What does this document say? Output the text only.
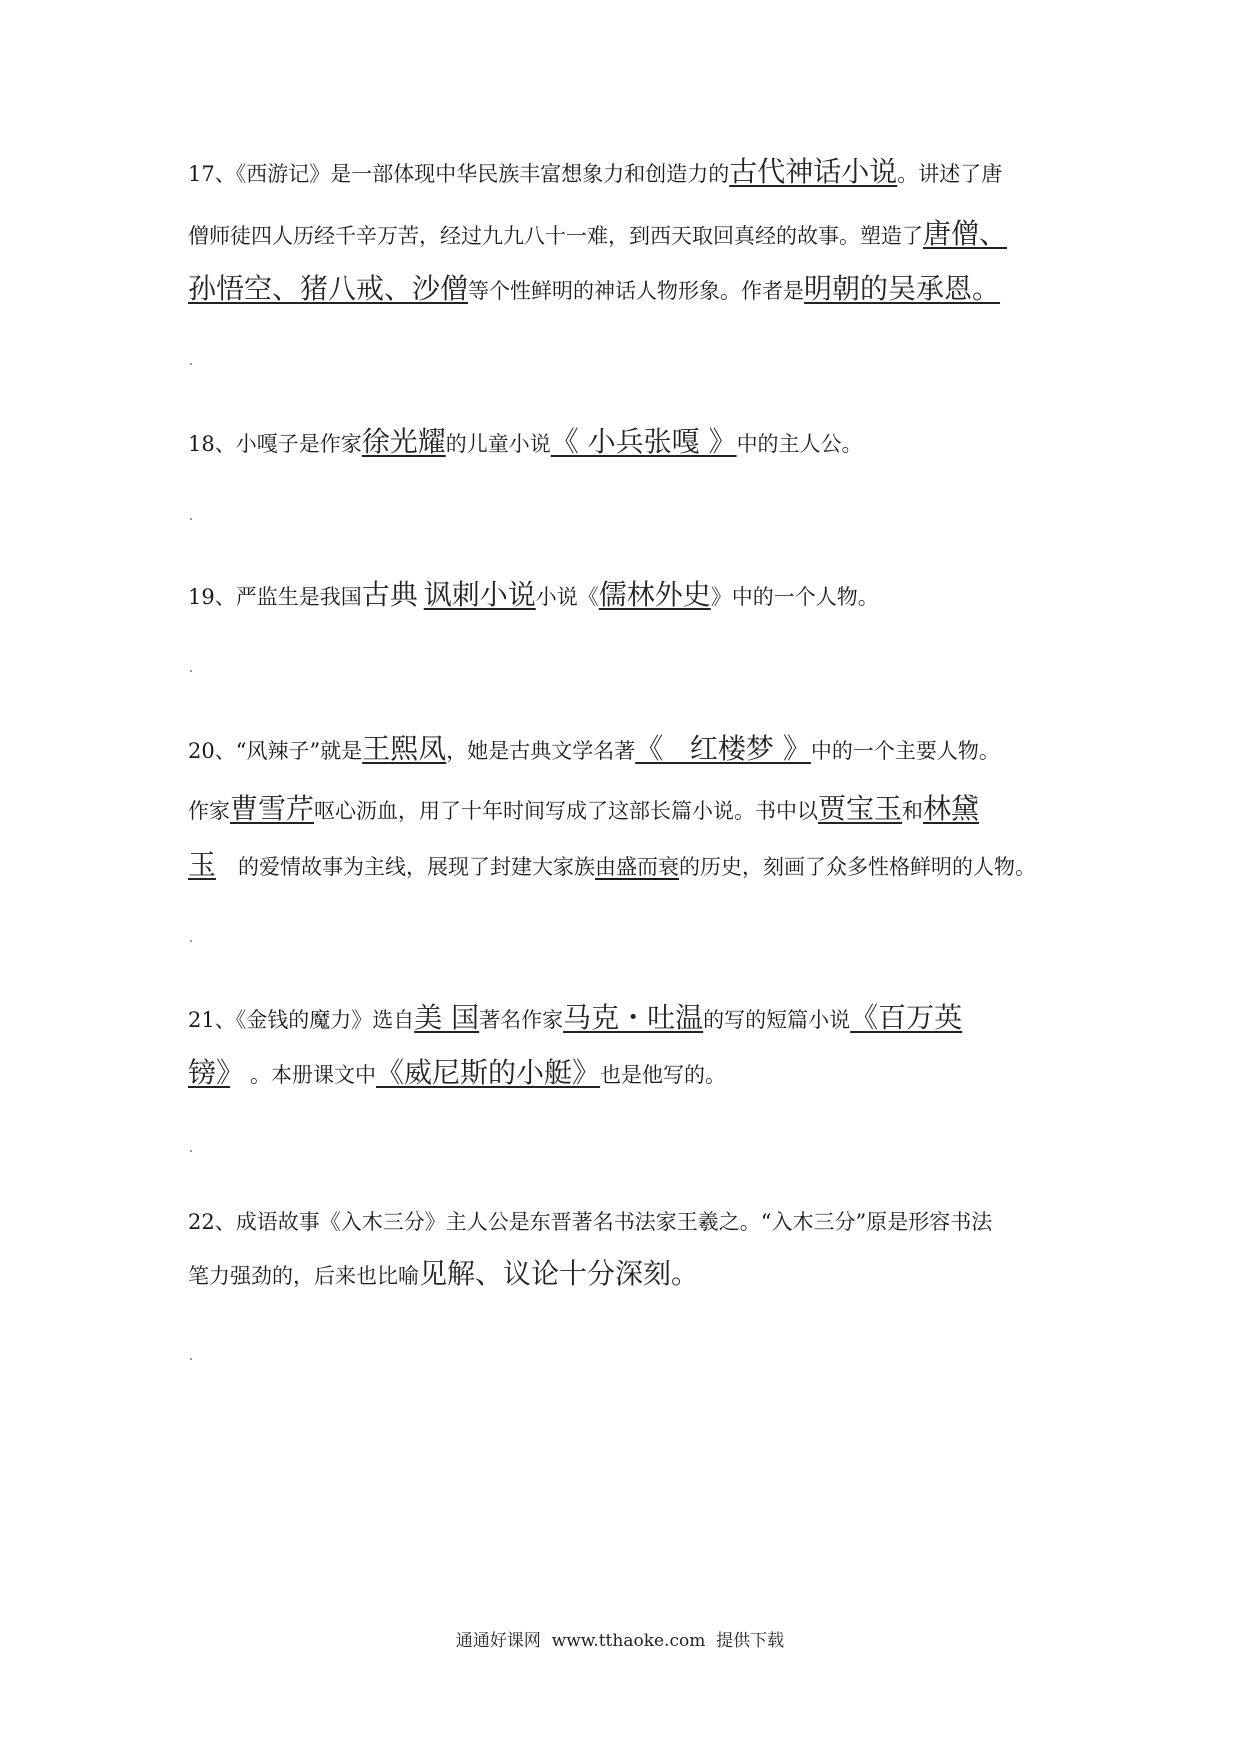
17、《西游记》是一部体现中华民族丰富想象力和创造力的古代神话小说。讲述了唐
僧师徒四人历经千辛万苦，经过九九八十一难，到西天取回真经的故事。塑造了唐僧、
孙悟空、猪八戒、沙僧等个性鲜明的神话人物形象。作者是明朝的吴承恩。
18、小嘎子是作家徐光耀的儿童小说《 小兵张嘎 》中的主人公。
19、严监生是我国古典 讽刺小说小说《儒林外史》中的一个人物。
20、“风辣子”就是王熙凤，她是古典文学名著《   红楼梦 》中的一个主要人物。
作家曹雪芹呕心沥血，用了十年时间写成了这部长篇小说。书中以贾宝玉和林黛
玉 的爱情故事为主线，展现了封建大家族由盛而衰的历史，刻画了众多性格鲜明的人物。
21、《金钱的魔力》选自美 国著名作家马克・吐温的写的短篇小说《百万英
镑》 。本册课文中《威尼斯的小艇》也是他写的。
22、成语故事《入木三分》主人公是东晋著名书法家王羲之。“入木三分”原是形容书法
笔力强劲的，后来也比喻见解、议论十分深刻。
通通好课网  www.tthaoke.com  提供下载
